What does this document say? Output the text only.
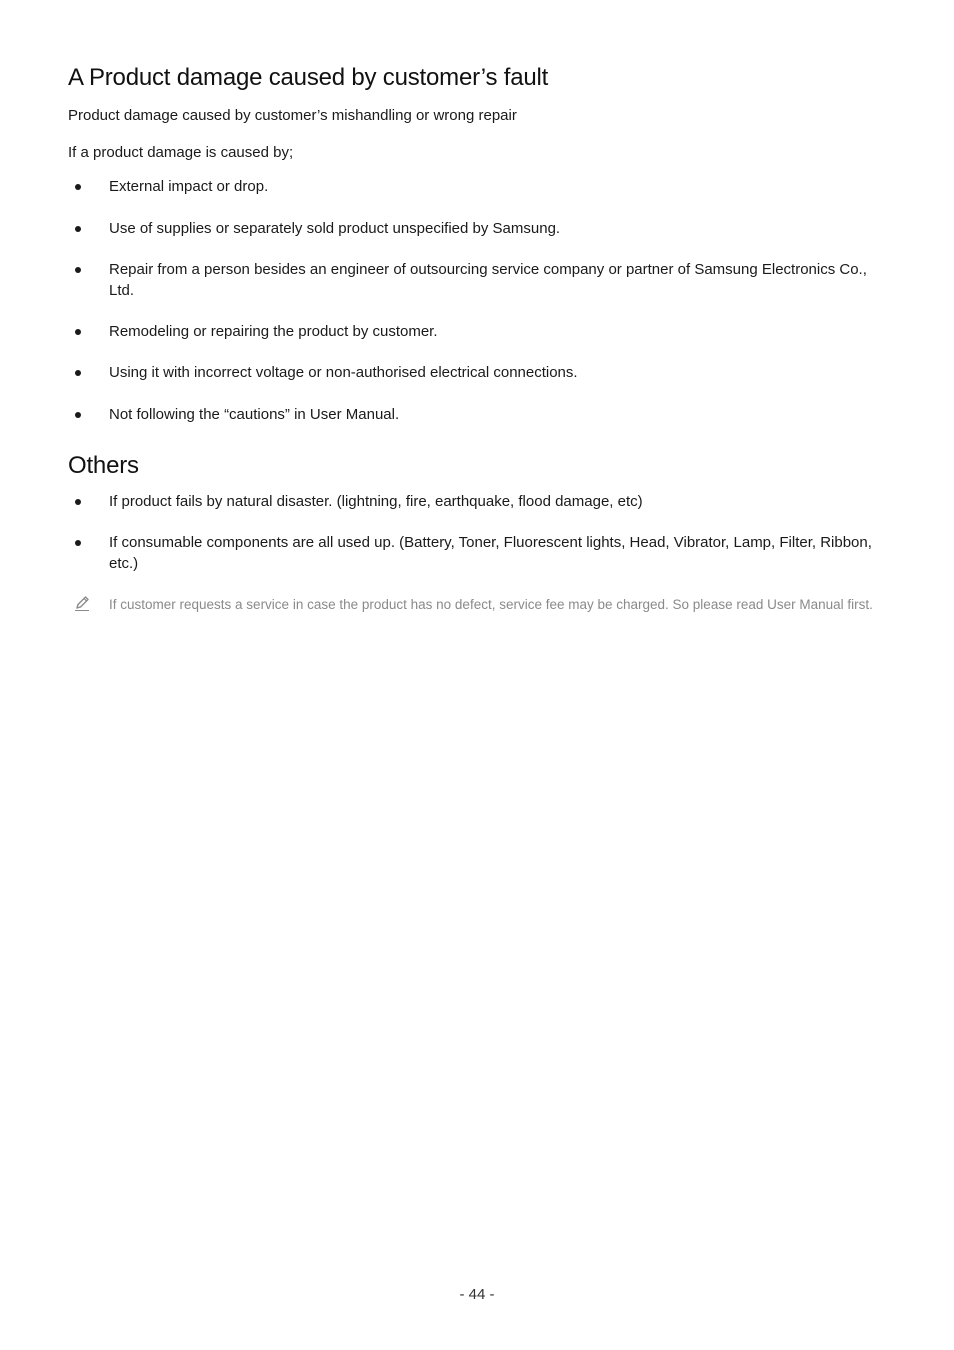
A Product damage caused by customer’s fault

Product damage caused by customer’s mishandling or wrong repair

If a product damage is caused by;

External impact or drop.
Use of supplies or separately sold product unspecified by Samsung.
Repair from a person besides an engineer of outsourcing service company or partner of Samsung Electronics Co., Ltd.
Remodeling or repairing the product by customer.
Using it with incorrect voltage or non-authorised electrical connections.
Not following the “cautions” in User Manual.
Others
If product fails by natural disaster. (lightning, fire, earthquake, flood damage, etc)
If consumable components are all used up. (Battery, Toner, Fluorescent lights, Head, Vibrator, Lamp, Filter, Ribbon, etc.)
If customer requests a service in case the product has no defect, service fee may be charged. So please read User Manual first.
- 44 -
